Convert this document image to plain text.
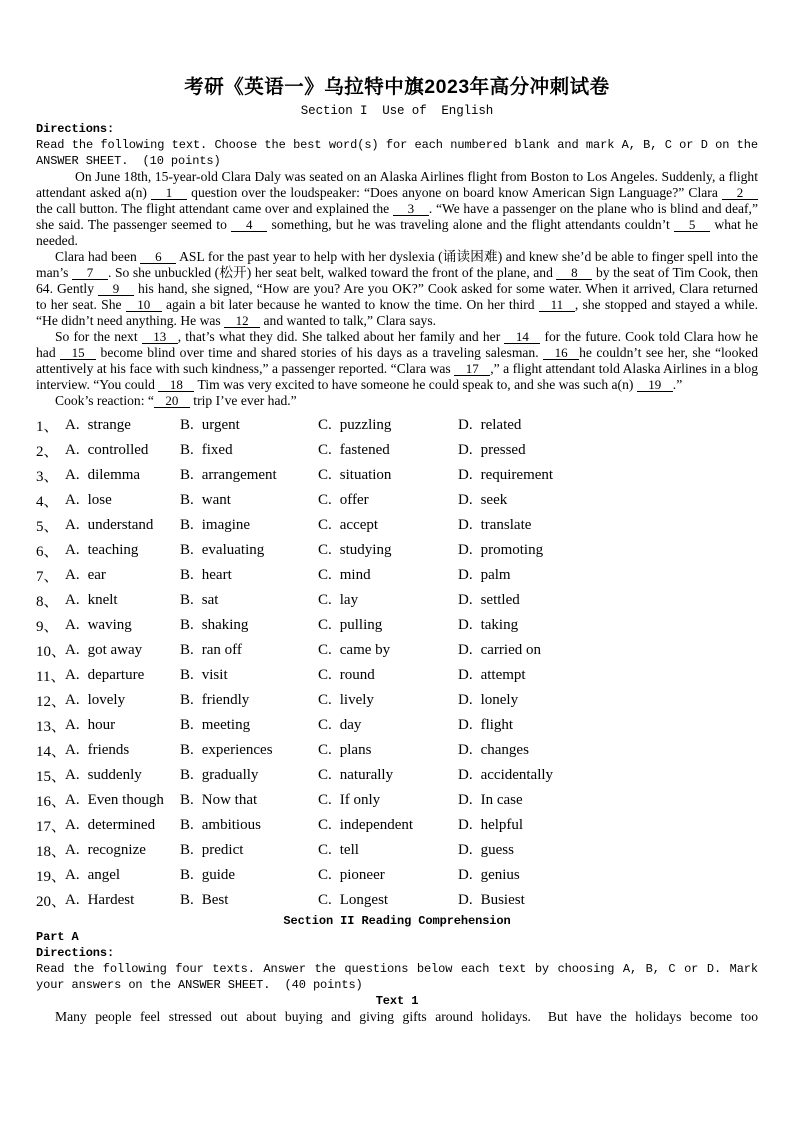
考研《英语一》乌拉特中旗2023年高分冲刺试卷
Section I  Use of  English
Directions:
Read the following text. Choose the best word(s) for each numbered blank and mark A, B, C or D on the ANSWER SHEET.  (10 points)

On June 18th, 15-year-old Clara Daly was seated on an Alaska Airlines flight from Boston to Los Angeles. Suddenly, a flight attendant asked a(n) 1 question over the loudspeaker: “Does anyone on board know American Sign Language?” Clara 2 the call button. The flight attendant came over and explained the 3 . “We have a passenger on the plane who is blind and deaf,” she said. The passenger seemed to 4 something, but he was traveling alone and the flight attendants couldn’t 5 what he needed.

Clara had been 6 ASL for the past year to help with her dyslexia (诵读困难) and knew she’d be able to finger spell into the man’s 7 . So she unbuckled (松开) her seat belt, walked toward the front of the plane, and 8 by the seat of Tim Cook, then 64. Gently 9 his hand, she signed, “How are you? Are you OK?” Cook asked for some water. When it arrived, Clara returned to her seat. She 10 again a bit later because he wanted to know the time. On her third 11 , she stopped and stayed a while. “He didn’t need anything. He was 12 and wanted to talk,” Clara says.

So for the next 13 , that’s what they did. She talked about her family and her 14 for the future. Cook told Clara how he had 15 become blind over time and shared stories of his days as a traveling salesman. 16 he couldn’t see her, she “looked attentively at his face with such kindness,” a passenger reported. “Clara was 17 ,” a flight attendant told Alaska Airlines in a blog interview. “You could 18 Tim was very excited to have someone he could speak to, and she was such a(n) 19 .”

Cook’s reaction: “ 20 trip I’ve ever had.”

1、 A. strange	B. urgent	C. puzzling	D. related
2、 A. controlled	B. fixed	C. fastened	D. pressed
3、 A. dilemma	B. arrangement	C. situation	D. requirement
4、 A. lose	B. want	C. offer	D. seek
5、 A. understand	B. imagine	C. accept	D. translate
6、 A. teaching	B. evaluating	C. studying	D. promoting
7、 A. ear	B. heart	C. mind	D. palm
8、 A. knelt	B. sat	C. lay	D. settled
9、 A. waving	B. shaking	C. pulling	D. taking
10、
A. got away	B. ran off	C. came by	D. carried on
11、 A. departure	B. visit	C. round	D. attempt
12、
A. lovely	B. friendly	C. lively	D. lonely
13、
A. hour	B. meeting	C. day	D. flight
14、
A. friends	B. experiences	C. plans	D. changes
15、
A. suddenly	B. gradually	C. naturally	D. accidentally
16、
A. Even though	B. Now that	C. If only	D. In case
17、
A. determined	B. ambitious	C. independent	D. helpful
18、
A. recognize	B. predict	C. tell	D. guess
19、
A. angel	B. guide	C. pioneer	D. genius
20、
A. Hardest	B. Best	C. Longest	D. Busiest
Section II Reading Comprehension
Part A
Directions:
Read the following four texts. Answer the questions below each text by choosing A, B, C or D. Mark your answers on the ANSWER SHEET.  (40 points)
Text 1

Many people feel stressed out about buying and giving gifts around holidays.  But have the holidays become too
